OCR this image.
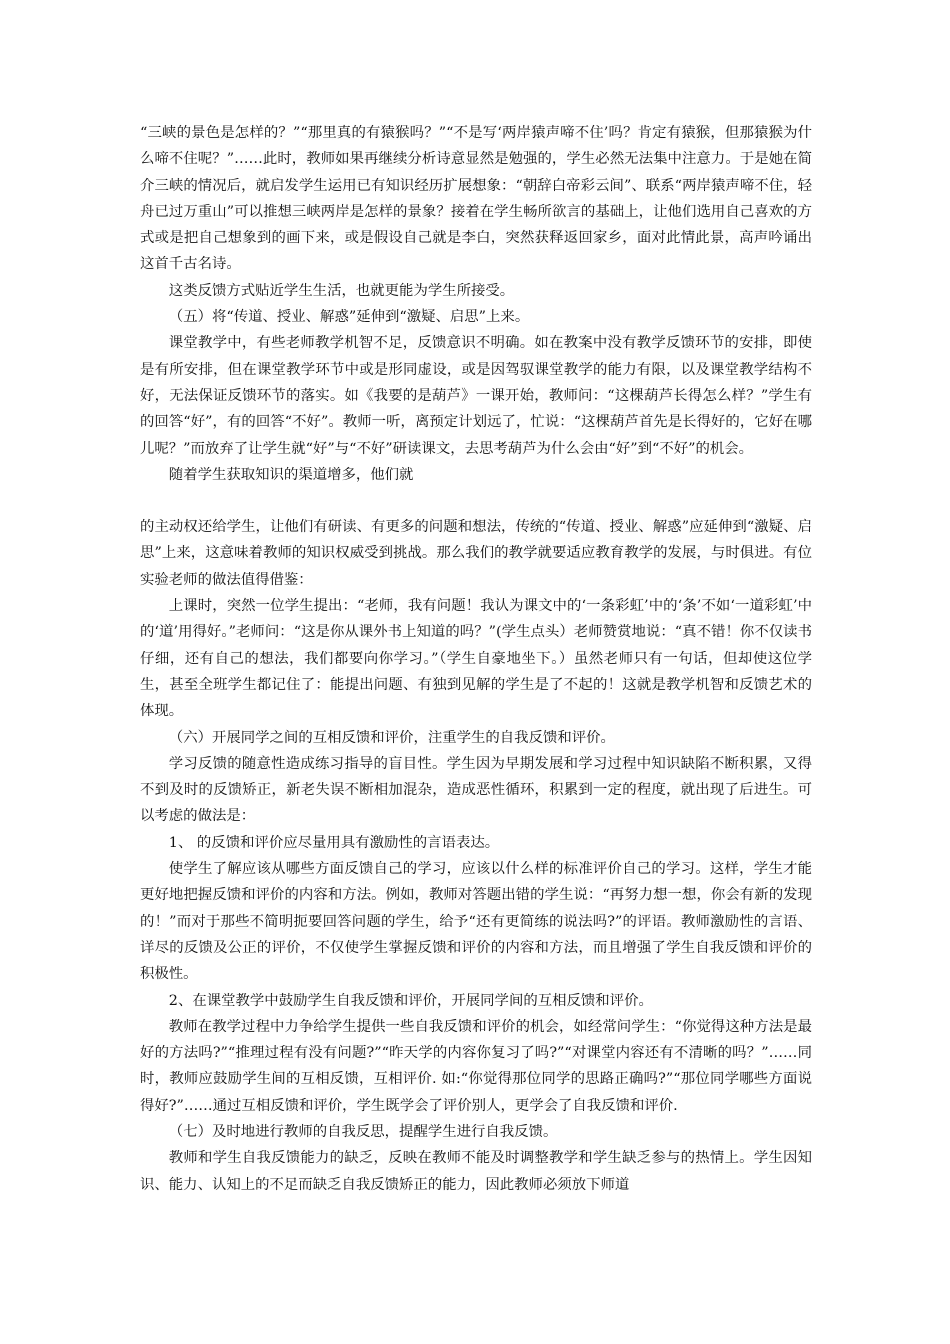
“三峡的景色是怎样的？”“那里真的有猿猴吗？”“不是写‘两岸猿声啼不住’吗？肯定有猿猴，但那猿猴为什么啼不住呢？”……此时，教师如果再继续分析诗意显然是勉强的，学生必然无法集中注意力。于是她在简介三峡的情况后，就启发学生运用已有知识经历扩展想象：“朝辞白帝彩云间”、联系“两岸猿声啼不住，轻舟已过万重山”可以推想三峡两岸是怎样的景象？接着在学生畅所欲言的基础上，让他们选用自己喜欢的方式或是把自己想象到的画下来，或是假设自己就是李白，突然获释返回家乡，面对此情此景，高声吟诵出这首千古名诗。

这类反馈方式贴近学生生活，也就更能为学生所接受。

（五）将“传道、授业、解惑”延伸到“激疑、启思”上来。

课堂教学中，有些老师教学机智不足，反馈意识不明确。如在教案中没有教学反馈环节的安排，即使是有所安排，但在课堂教学环节中或是形同虚设，或是因驾驭课堂教学的能力有限，以及课堂教学结构不好，无法保证反馈环节的落实。如《我要的是葫芦》一课开始，教师问：“这棵葫芦长得怎么样？”学生有的回答“好”，有的回答“不好”。教师一听，离预定计划远了，忙说：“这棵葫芦首先是长得好的，它好在哪儿呢？”而放弃了让学生就“好”与“不好”研读课文，去思考葫芦为什么会由“好”到“不好”的机会。

随着学生获取知识的渠道增多，他们就

的主动权还给学生，让他们有研读、有更多的问题和想法，传统的“传道、授业、解惑”应延伸到“激疑、启思”上来，这意味着教师的知识权威受到挑战。那么我们的教学就要适应教育教学的发展，与时俱进。有位实验老师的做法值得借鉴：

上课时，突然一位学生提出：“老师，我有问题！我认为课文中的‘一条彩虹’中的‘条’不如‘一道彩虹’中的‘道’用得好。”老师问：“这是你从课外书上知道的吗？”(学生点头）老师赞赏地说：“真不错！你不仅读书仔细，还有自己的想法，我们都要向你学习。”（学生自豪地坐下。）虽然老师只有一句话，但却使这位学生，甚至全班学生都记住了：能提出问题、有独到见解的学生是了不起的！这就是教学机智和反馈艺术的体现。

（六）开展同学之间的互相反馈和评价，注重学生的自我反馈和评价。

学习反馈的随意性造成练习指导的盲目性。学生因为早期发展和学习过程中知识缺陷不断积累，又得不到及时的反馈矫正，新老失误不断相加混杂，造成恶性循环，积累到一定的程度，就出现了后进生。可以考虑的做法是：

1、 的反馈和评价应尽量用具有激励性的言语表达。

使学生了解应该从哪些方面反馈自己的学习，应该以什么样的标准评价自己的学习。这样，学生才能更好地把握反馈和评价的内容和方法。例如，教师对答题出错的学生说：“再努力想一想，你会有新的发现的！”而对于那些不简明扼要回答问题的学生，给予“还有更简练的说法吗?”的评语。教师激励性的言语、详尽的反馈及公正的评价，不仅使学生掌握反馈和评价的内容和方法，而且增强了学生自我反馈和评价的积极性。

2、在课堂教学中鼓励学生自我反馈和评价，开展同学间的互相反馈和评价。

教师在教学过程中力争给学生提供一些自我反馈和评价的机会，如经常问学生：“你觉得这种方法是最好的方法吗?”“推理过程有没有问题?”“昨天学的内容你复习了吗?”“对课堂内容还有不清晰的吗？”……同时，教师应鼓励学生间的互相反馈，互相评价. 如:“你觉得那位同学的思路正确吗?”“那位同学哪些方面说得好?”……通过互相反馈和评价，学生既学会了评价别人，更学会了自我反馈和评价.

（七）及时地进行教师的自我反思，提醒学生进行自我反馈。

教师和学生自我反馈能力的缺乏，反映在教师不能及时调整教学和学生缺乏参与的热情上。学生因知识、能力、认知上的不足而缺乏自我反馈矫正的能力，因此教师必须放下师道
